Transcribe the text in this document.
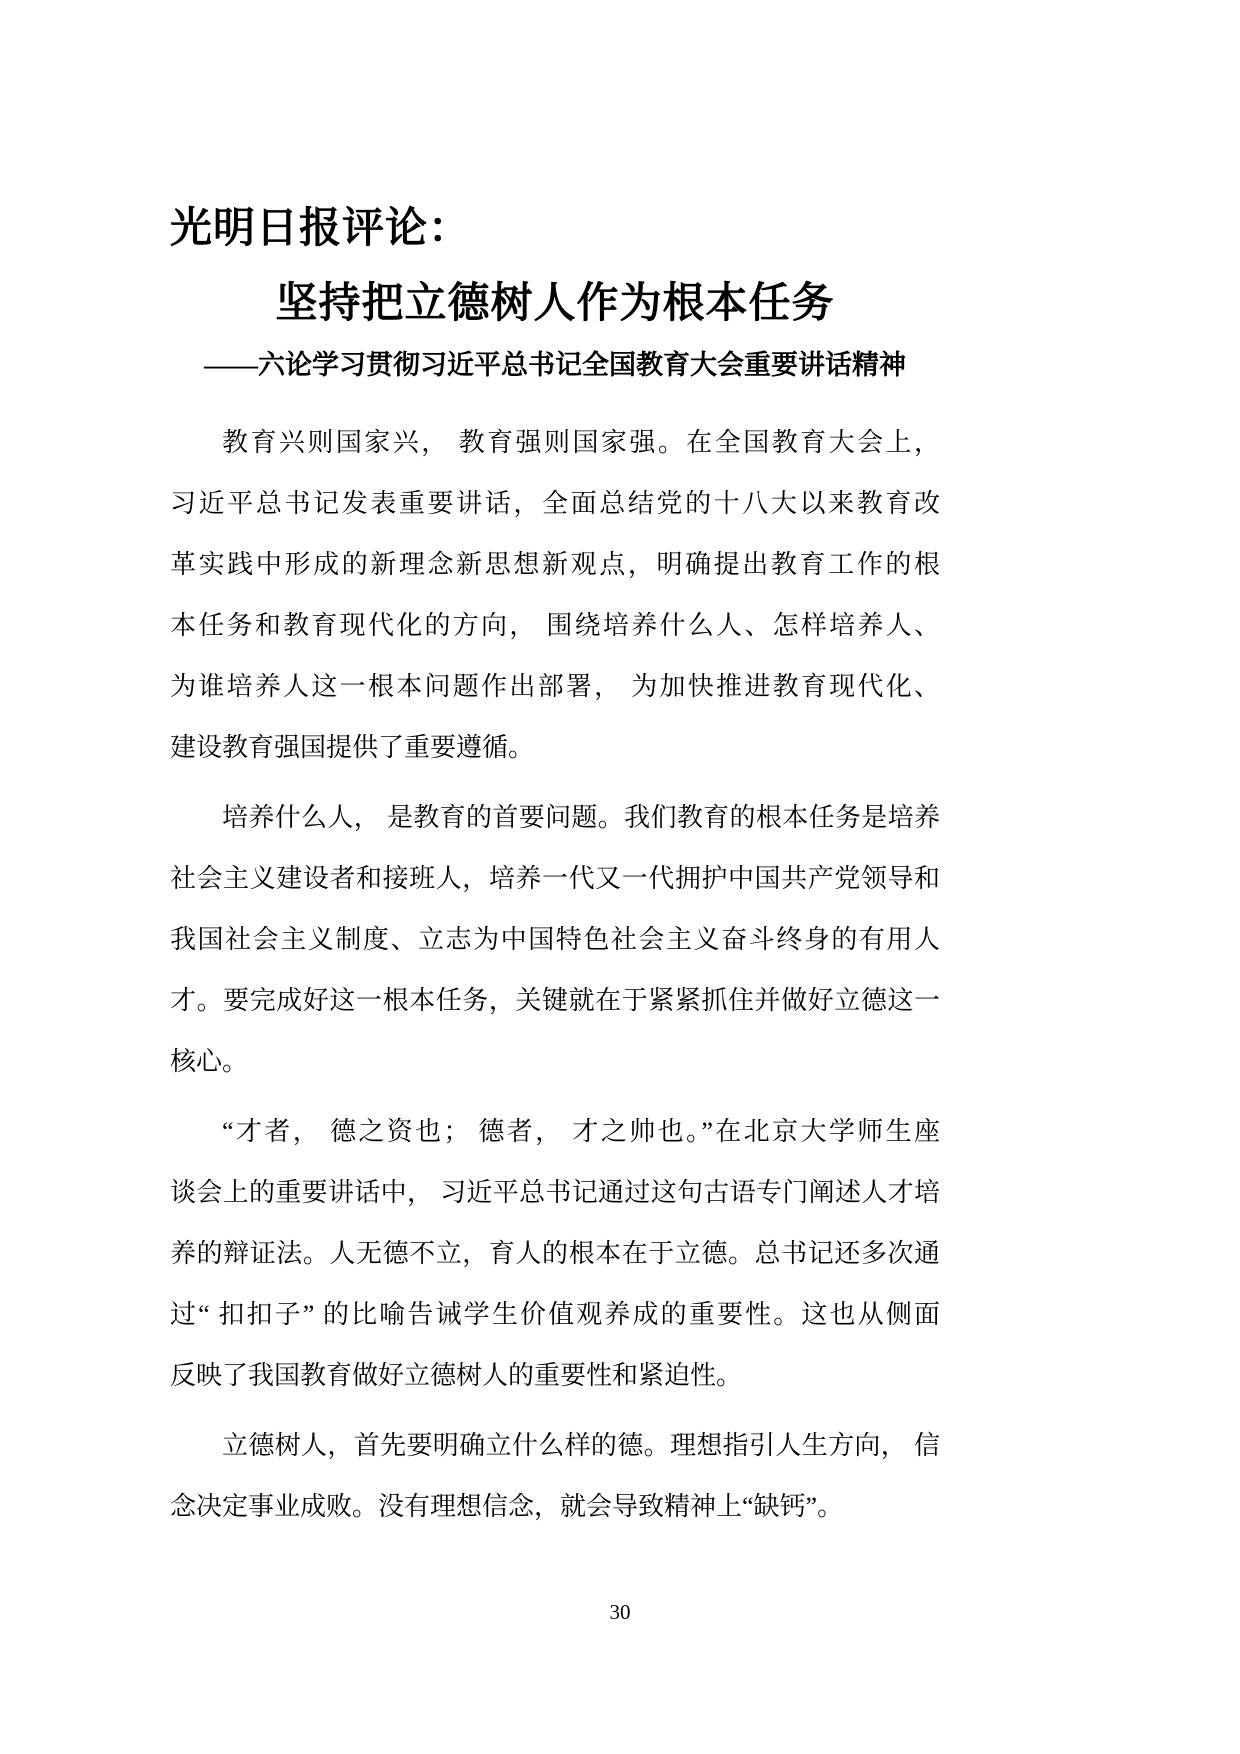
光明日报评论：
坚持把立德树人作为根本任务
——六论学习贯彻习近平总书记全国教育大会重要讲话精神
教育兴则国家兴， 教育强则国家强。在全国教育大会上，
习近平总书记发表重要讲话，全面总结党的十八大以来教育改
革实践中形成的新理念新思想新观点，明确提出教育工作的根
本任务和教育现代化的方向， 围绕培养什么人、怎样培养人、
为谁培养人这一根本问题作出部署， 为加快推进教育现代化、
建设教育强国提供了重要遵循。
培养什么人， 是教育的首要问题。我们教育的根本任务是培养
社会主义建设者和接班人，培养一代又一代拥护中国共产党领导和
我国社会主义制度、立志为中国特色社会主义奋斗终身的有用人
才。要完成好这一根本任务，关键就在于紧紧抓住并做好立德这一
核心。
“才者， 德之资也； 德者， 才之帅也。”在北京大学师生座
谈会上的重要讲话中， 习近平总书记通过这句古语专门阐述人才培
养的辩证法。人无德不立，育人的根本在于立德。总书记还多次通
过“ 扣扣子” 的比喻告诫学生价值观养成的重要性。这也从侧面
反映了我国教育做好立德树人的重要性和紧迫性。
立德树人，首先要明确立什么样的德。理想指引人生方向， 信
念决定事业成败。没有理想信念，就会导致精神上“缺钙”。
30
